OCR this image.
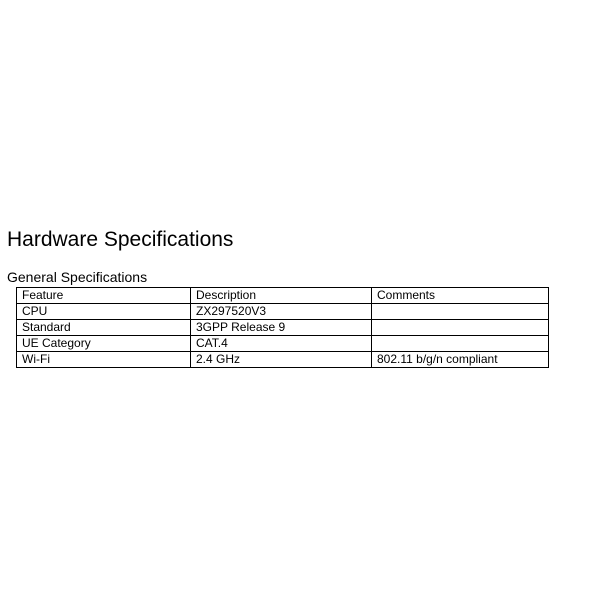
Hardware Specifications
General Specifications
Feature	Description	Comments
CPU	ZX297520V3	
Standard	3GPP Release 9	
UE Category	CAT.4	
Wi-Fi	2.4 GHz	802.11 b/g/n compliant
